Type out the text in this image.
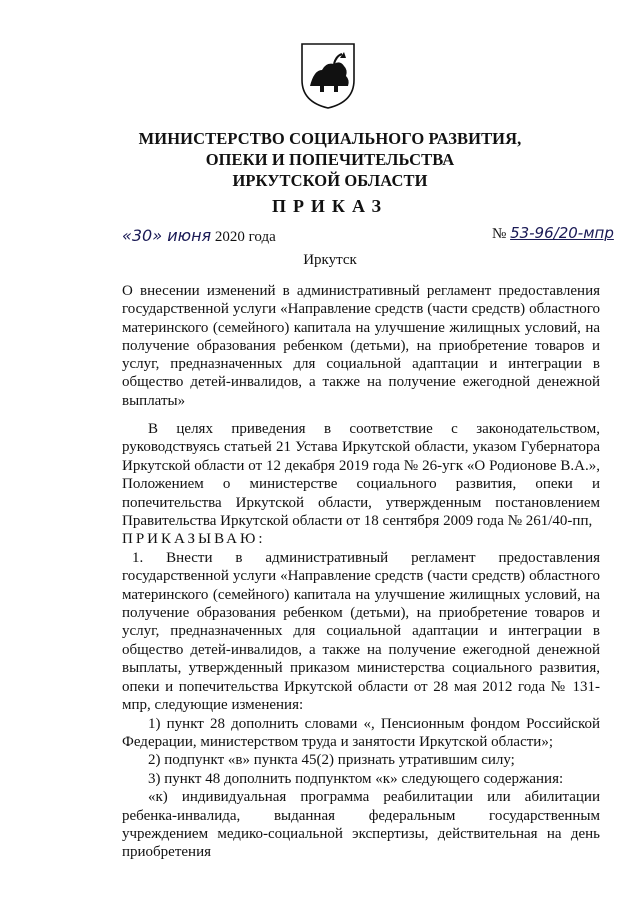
МИНИСТЕРСТВО СОЦИАЛЬНОГО РАЗВИТИЯ,
ОПЕКИ И ПОПЕЧИТЕЛЬСТВА
ИРКУТСКОЙ ОБЛАСТИ
ПРИКАЗ
«30» июня 2020 года	№ 53-96/20-мпр
Иркутск
О внесении изменений в административный регламент предоставления государственной услуги «Направление средств (части средств) областного материнского (семейного) капитала на улучшение жилищных условий, на получение образования ребенком (детьми), на приобретение товаров и услуг, предназначенных для социальной адаптации и интеграции в общество детей-инвалидов, а также на получение ежегодной денежной выплаты»

В целях приведения в соответствие с законодательством, руководствуясь статьей 21 Устава Иркутской области, указом Губернатора Иркутской области от 12 декабря 2019 года № 26-угк «О Родионове В.А.», Положением о министерстве социального развития, опеки и попечительства Иркутской области, утвержденным постановлением Правительства Иркутской области от 18 сентября 2009 года № 261/40-пп,

ПРИКАЗЫВАЮ:

1. Внести в административный регламент предоставления государственной услуги «Направление средств (части средств) областного материнского (семейного) капитала на улучшение жилищных условий, на получение образования ребенком (детьми), на приобретение товаров и услуг, предназначенных для социальной адаптации и интеграции в общество детей-инвалидов, а также на получение ежегодной денежной выплаты, утвержденный приказом министерства социального развития, опеки и попечительства Иркутской области от 28 мая 2012 года № 131-мпр, следующие изменения:

1) пункт 28 дополнить словами «, Пенсионным фондом Российской Федерации, министерством труда и занятости Иркутской области»;

2) подпункт «в» пункта 45(2) признать утратившим силу;

3) пункт 48 дополнить подпунктом «к» следующего содержания:

«к) индивидуальная программа реабилитации или абилитации ребенка-инвалида, выданная федеральным государственным учреждением медико-социальной экспертизы, действительная на день приобретения
